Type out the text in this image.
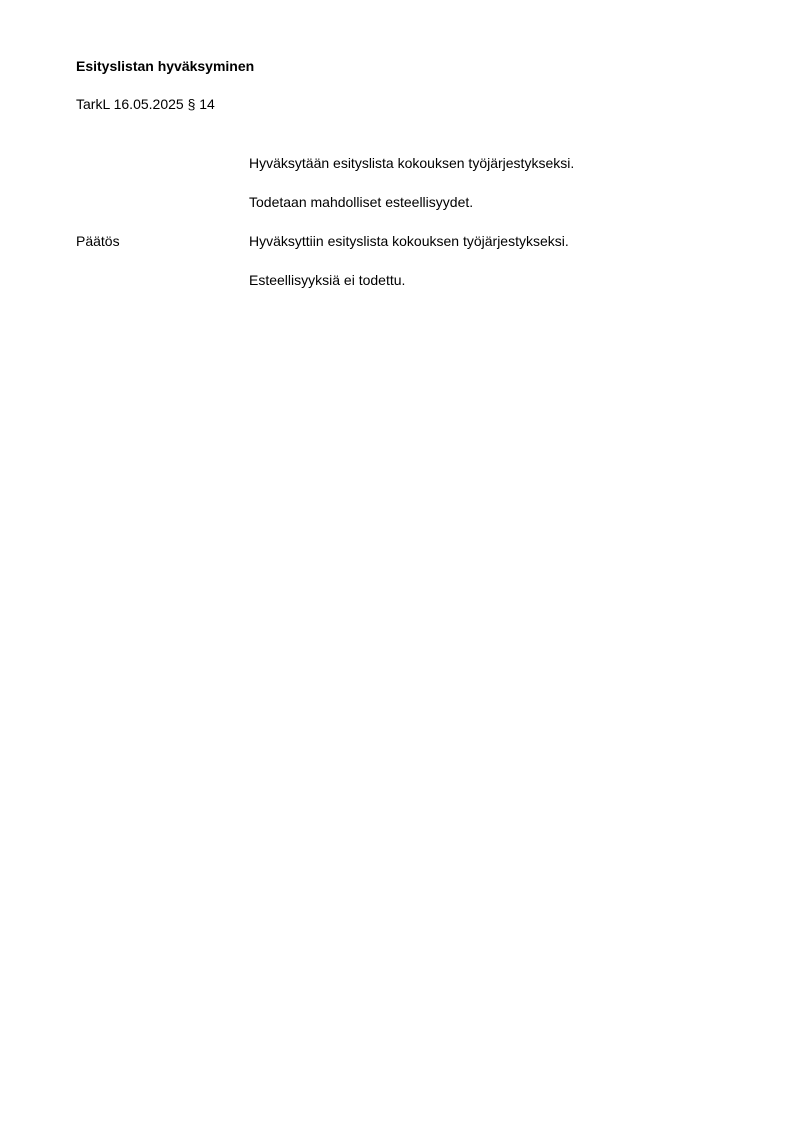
Esityslistan hyväksyminen
TarkL 16.05.2025 § 14
Hyväksytään esityslista kokouksen työjärjestykseksi.
Todetaan mahdolliset esteellisyydet.
Päätös	Hyväksyttiin esityslista kokouksen työjärjestykseksi.
Esteellisyyksiä ei todettu.
